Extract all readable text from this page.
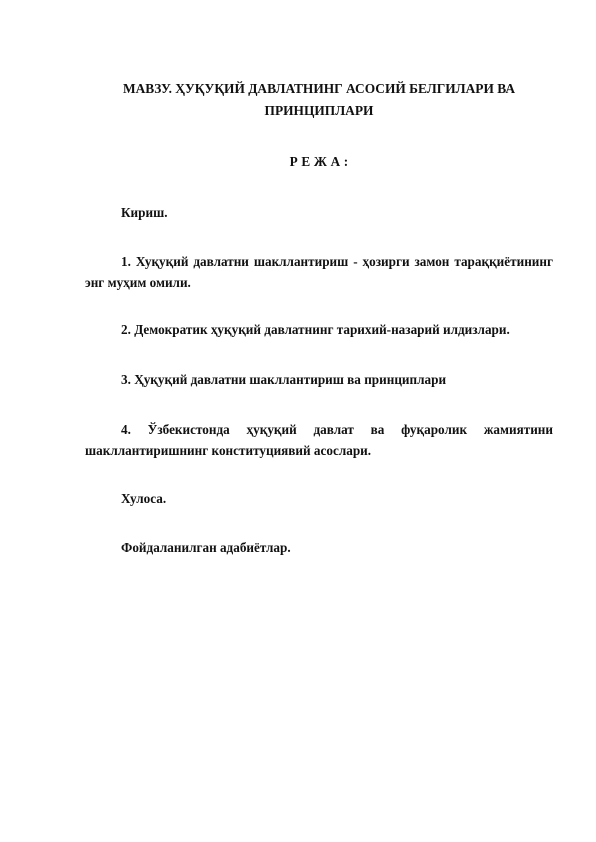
МАВЗУ. ҲУҚУҚИЙ ДАВЛАТНИНГ АСОСИЙ БЕЛГИЛАРИ ВА ПРИНЦИПЛАРИ
Р Е Ж А :

Кириш.

1. Хуқуқий давлатни шакллантириш - ҳозирги замон тараққиётининг энг муҳим омили.

2. Демократик ҳуқуқий давлатнинг тарихий-назарий илдизлари.

3. Ҳуқуқий давлатни шакллантириш ва принциплари

4. Ўзбекистонда ҳуқуқий давлат ва фуқаролик жамиятини шакллантиришнинг конституциявий асослари.

Хулоса.

Фойдаланилган адабиётлар.
